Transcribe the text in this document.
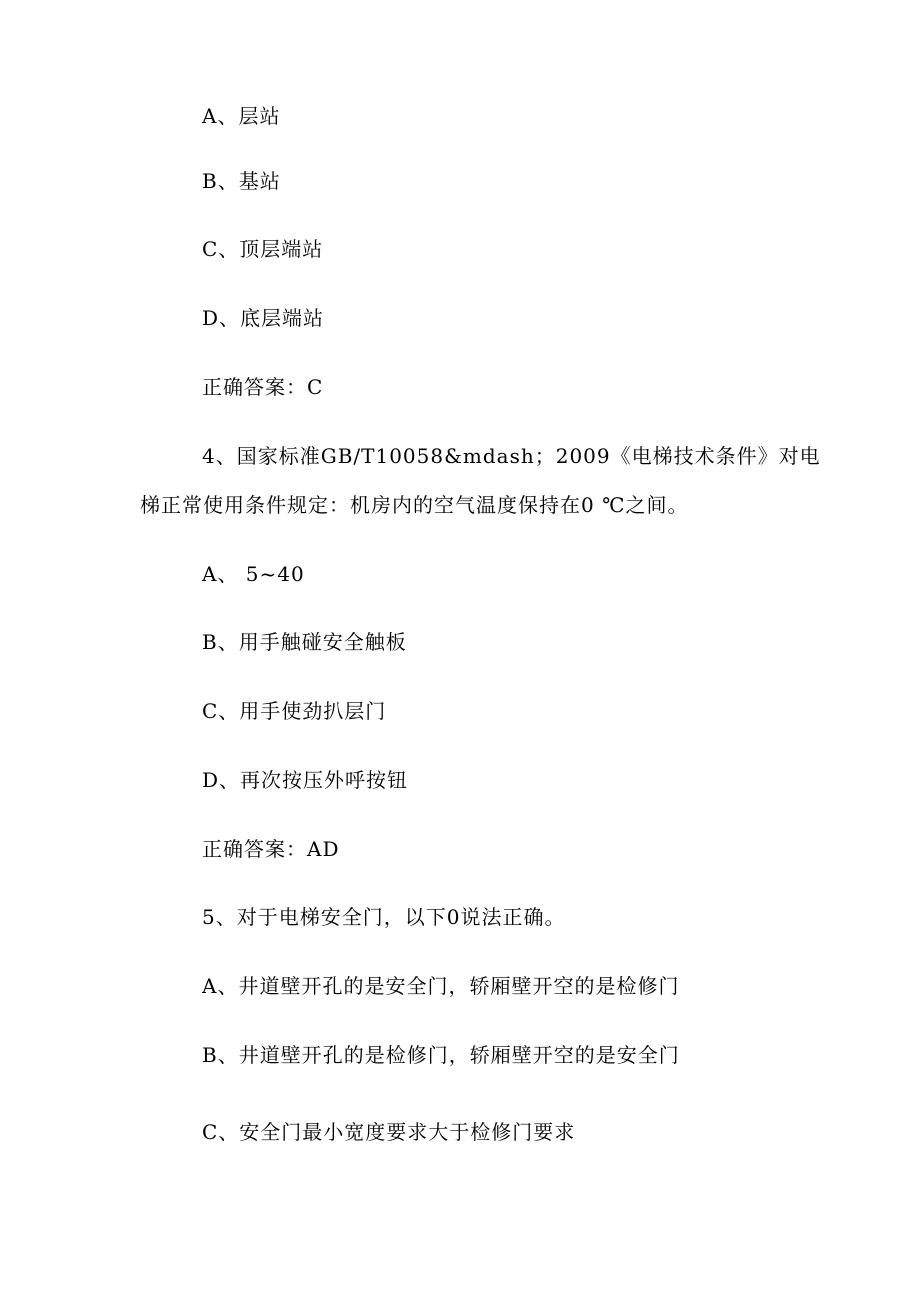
A、层站
B、基站
C、顶层端站
D、底层端站
正确答案：C
4、国家标准GB/T10058&mdash；2009《电梯技术条件》对电
梯正常使用条件规定：机房内的空气温度保持在0 ℃之间。
A、 5~40
B、用手触碰安全触板
C、用手使劲扒层门
D、再次按压外呼按钮
正确答案：AD
5、对于电梯安全门，以下0说法正确。
A、井道壁开孔的是安全门，轿厢壁开空的是检修门
B、井道壁开孔的是检修门，轿厢壁开空的是安全门
C、安全门最小宽度要求大于检修门要求
